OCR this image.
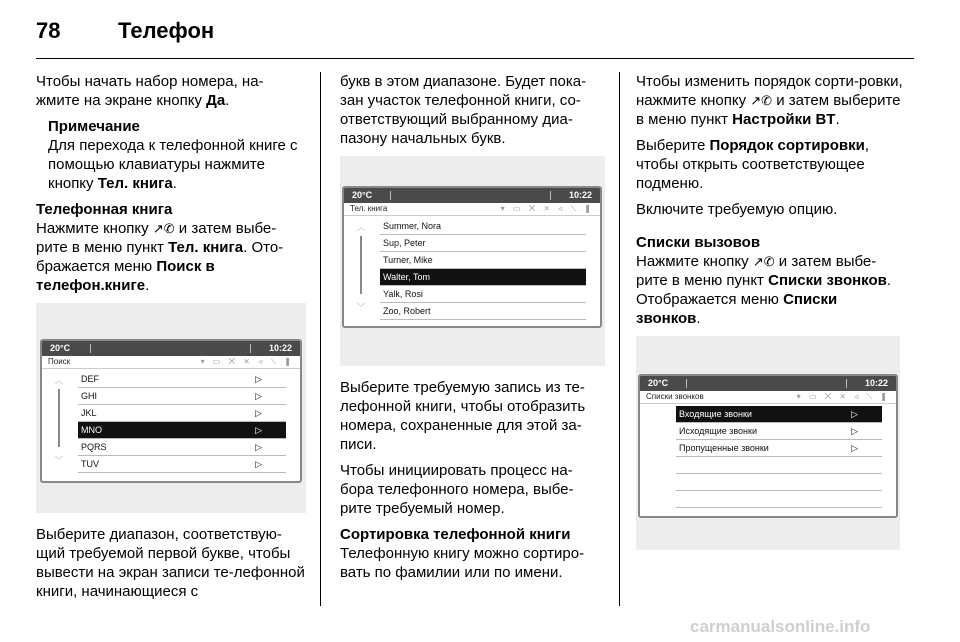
78	Телефон

Чтобы начать набор номера, на-жмите на экране кнопку Да.

Примечание

Для перехода к телефонной книге с помощью клавиатуры нажмите кнопку Тел. книга.

Телефонная книга

Нажмите кнопку ↗✆ и затем выбе-рите в меню пункт Тел. книга. Ото-бражается меню Поиск в телефон.книге.

20°C	10:22
Поиск	▾ ▭ ⨉ ⨯ ◃ ⟍ ❚
︿
﹀
DEF	▷
GHI	▷
JKL	▷
MNO	▷
PQRS	▷
TUV	▷

Выберите диапазон, соответствую-щий требуемой первой букве, чтобы вывести на экран записи те-лефонной книги, начинающиеся с

букв в этом диапазоне. Будет пока-зан участок телефонной книги, со-ответствующий выбранному диа-пазону начальных букв.

20°C	10:22
Тел. книга	▾ ▭ ⨉ ⨯ ◃ ⟍ ❚
︿
﹀
Summer, Nora
Sup, Peter
Turner, Mike
Walter, Tom
Yalk, Rosi
Zoo, Robert

Выберите требуемую запись из те-лефонной книги, чтобы отобразить номера, сохраненные для этой за-писи.

Чтобы инициировать процесс на-бора телефонного номера, выбе-рите требуемый номер.

Сортировка телефонной книги

Телефонную книгу можно сортиро-вать по фамилии или по имени.

Чтобы изменить порядок сорти-ровки, нажмите кнопку ↗✆ и затем выберите в меню пункт Настройки BT.

Выберите Порядок сортировки, чтобы открыть соответствующее подменю.

Включите требуемую опцию.

Списки вызовов

Нажмите кнопку ↗✆ и затем выбе-рите в меню пункт Списки звонков. Отображается меню Списки звонков.

20°C	10:22
Списки звонков	▾ ▭ ⨉ ⨯ ◃ ⟍ ❚
Входящие звонки	▷
Исходящие звонки	▷
Пропущенные звонки	▷
carmanualsonline.info
